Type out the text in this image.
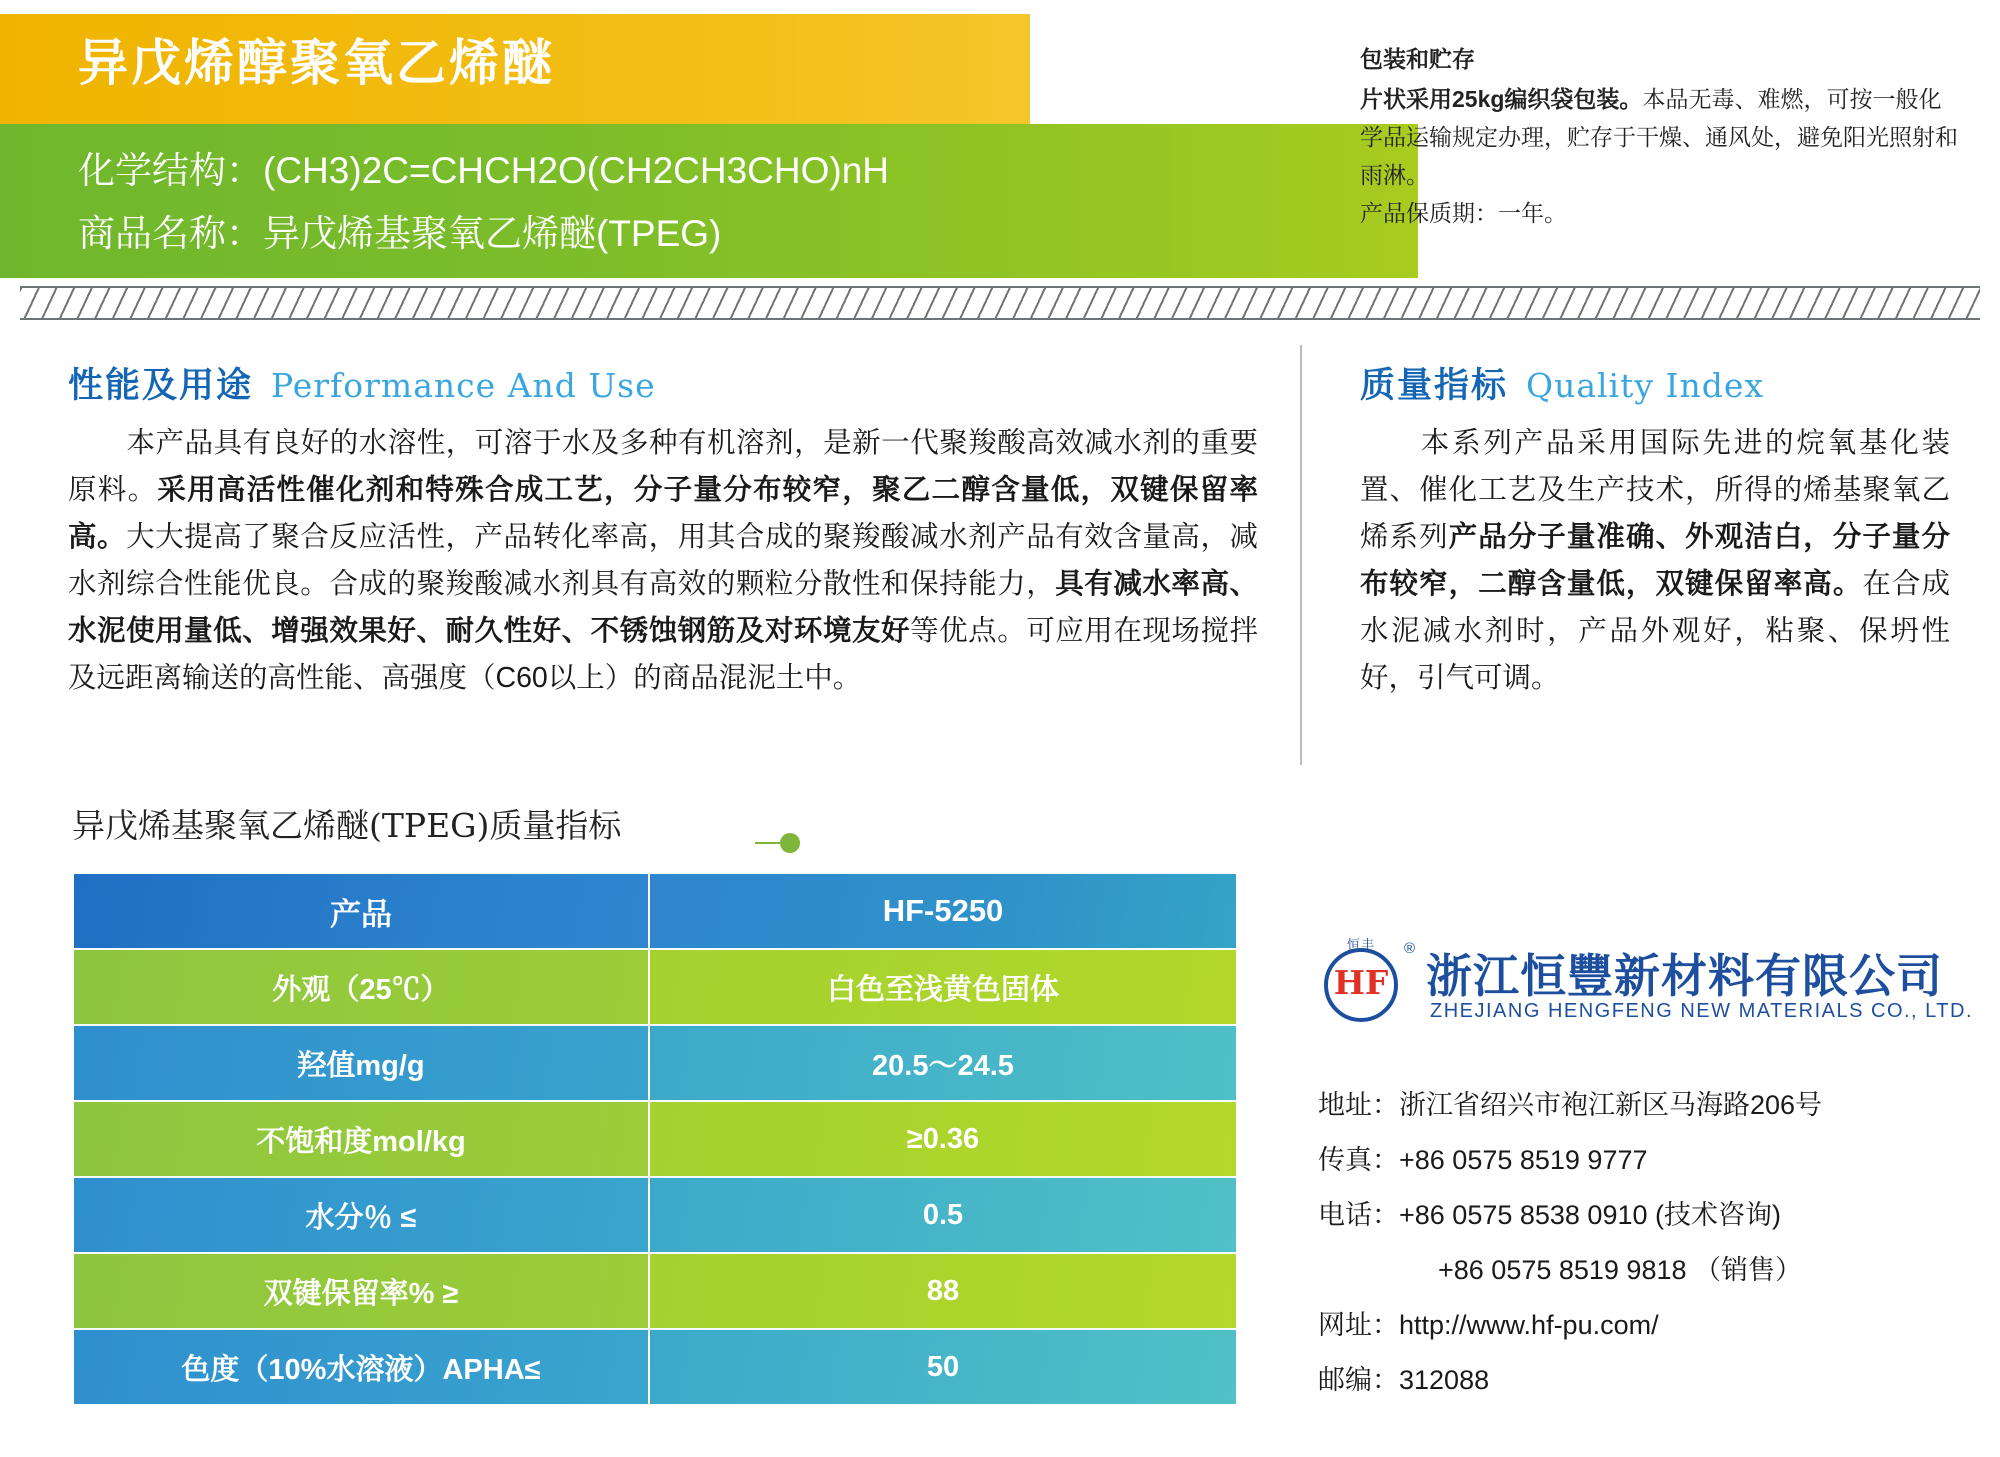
异戊烯醇聚氧乙烯醚
化学结构：(CH3)2C=CHCH2O(CH2CH3CHO)nH
商品名称：异戊烯基聚氧乙烯醚(TPEG)
包装和贮存
片状采用25kg编织袋包装。本品无毒、难燃，可按一般化学品运输规定办理，贮存于干燥、通风处，避免阳光照射和雨淋。
产品保质期：一年。
性能及用途 Performance And Use
本产品具有良好的水溶性，可溶于水及多种有机溶剂，是新一代聚羧酸高效减水剂的重要原料。采用高活性催化剂和特殊合成工艺，分子量分布较窄，聚乙二醇含量低，双键保留率高。大大提高了聚合反应活性，产品转化率高，用其合成的聚羧酸减水剂产品有效含量高，减水剂综合性能优良。合成的聚羧酸减水剂具有高效的颗粒分散性和保持能力，具有减水率高、水泥使用量低、增强效果好、耐久性好、不锈蚀钢筋及对环境友好等优点。可应用在现场搅拌及远距离输送的高性能、高强度（C60以上）的商品混泥土中。
质量指标 Quality Index
本系列产品采用国际先进的烷氧基化装置、催化工艺及生产技术，所得的烯基聚氧乙烯系列产品分子量准确、外观洁白，分子量分布较窄，二醇含量低，双键保留率高。在合成水泥减水剂时，产品外观好，粘聚、保坍性好，引气可调。
异戊烯基聚氧乙烯醚(TPEG)质量指标
产品	HF-5250
外观（25℃）	白色至浅黄色固体
羟值mg/g	20.5～24.5
不饱和度mol/kg	≥0.36
水分％ ≤	0.5
双键保留率% ≥	88
色度（10%水溶液）APHA≤	50
恒丰
HF
®
浙江恒豐新材料有限公司
ZHEJIANG HENGFENG NEW MATERIALS CO., LTD.
地址：浙江省绍兴市袍江新区马海路206号
传真：+86 0575 8519 9777
电话：+86 0575 8538 0910 (技术咨询)
+86 0575 8519 9818 （销售）
网址：http://www.hf-pu.com/
邮编：312088
